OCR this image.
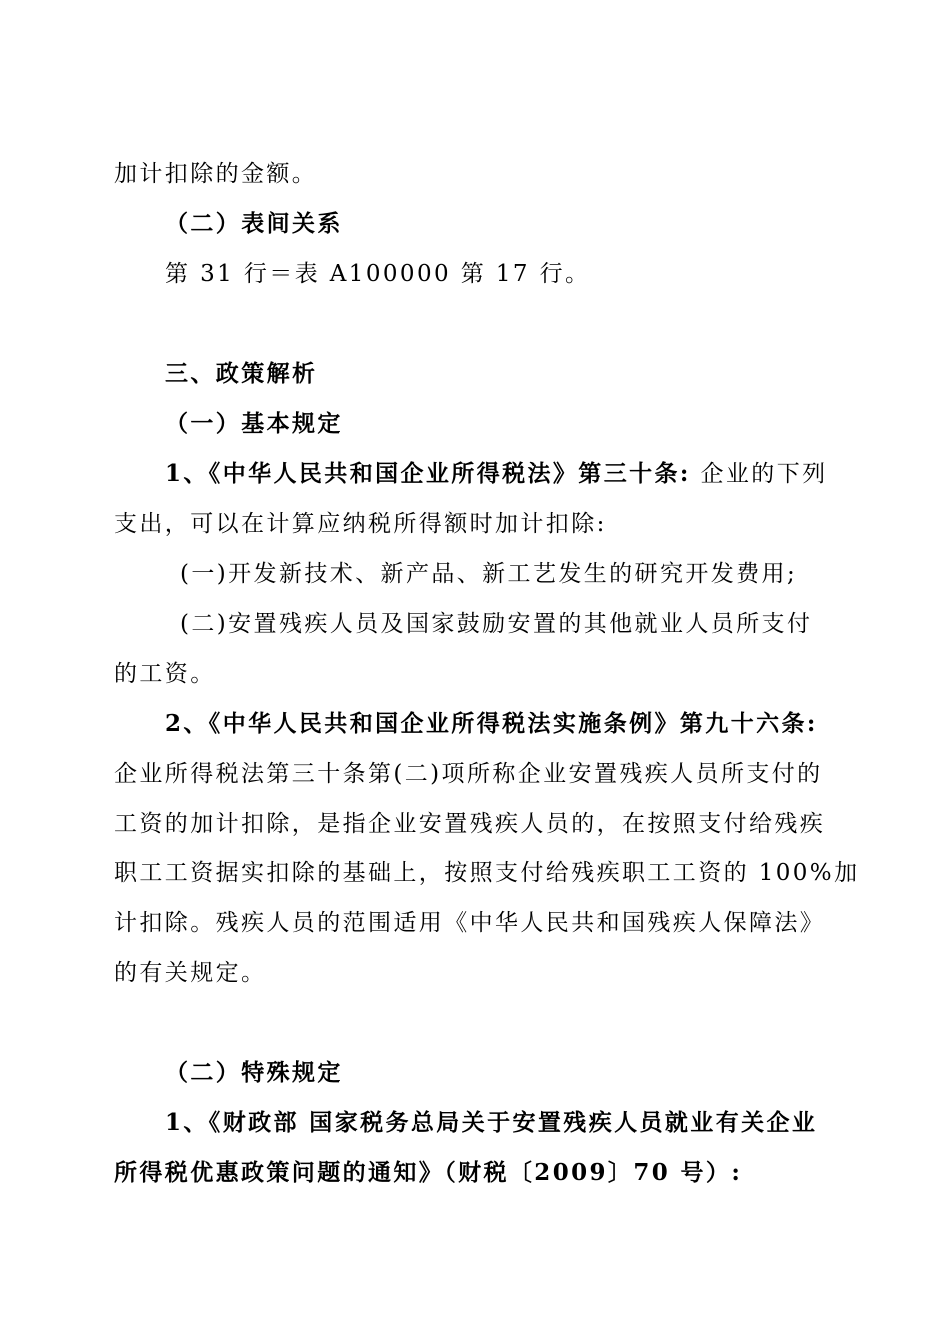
加计扣除的金额。
（二）表间关系
第 31 行＝表 A100000 第 17 行。
三、政策解析
（一）基本规定
1、《中华人民共和国企业所得税法》第三十条: 企业的下列
支出，可以在计算应纳税所得额时加计扣除:
(一)开发新技术、新产品、新工艺发生的研究开发费用;
(二)安置残疾人员及国家鼓励安置的其他就业人员所支付
的工资。
2、《中华人民共和国企业所得税法实施条例》第九十六条:
企业所得税法第三十条第(二)项所称企业安置残疾人员所支付的
工资的加计扣除，是指企业安置残疾人员的，在按照支付给残疾
职工工资据实扣除的基础上，按照支付给残疾职工工资的 100%加
计扣除。残疾人员的范围适用《中华人民共和国残疾人保障法》
的有关规定。
（二）特殊规定
1、《财政部 国家税务总局关于安置残疾人员就业有关企业
所得税优惠政策问题的通知》（财税〔2009〕70 号）:
